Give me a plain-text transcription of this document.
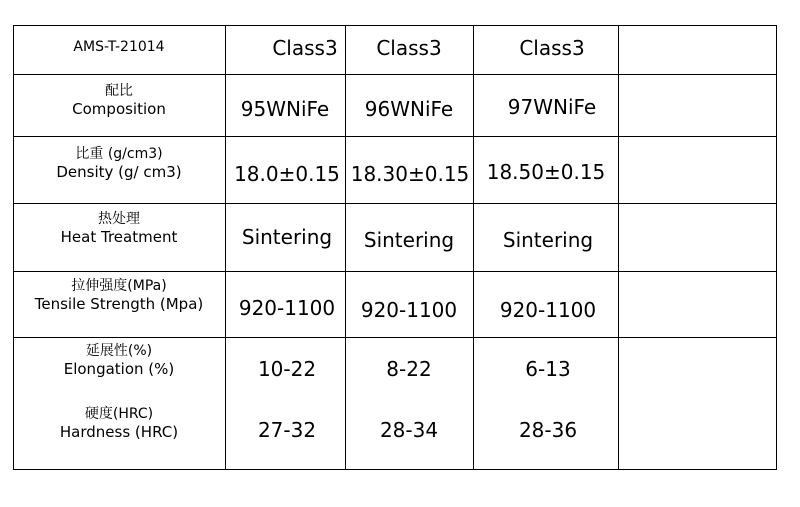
AMS-T-21014	Class3	Class3	Class3
配比
Composition	95WNiFe	96WNiFe	97WNiFe
比重 (g/cm3)
Density (g/ cm3)	18.0±0.15 18.30±0.15 18.50±0.15
热处理
Heat Treatment	Sintering	Sintering	Sintering
拉伸强度(MPa)
Tensile Strength (Mpa)	920-1100	920-1100	920-1100
延展性(%)
Elongation (%)	10-22	8-22	6-13
硬度(HRC)
Hardness (HRC)	27-32	28-34	28-36
